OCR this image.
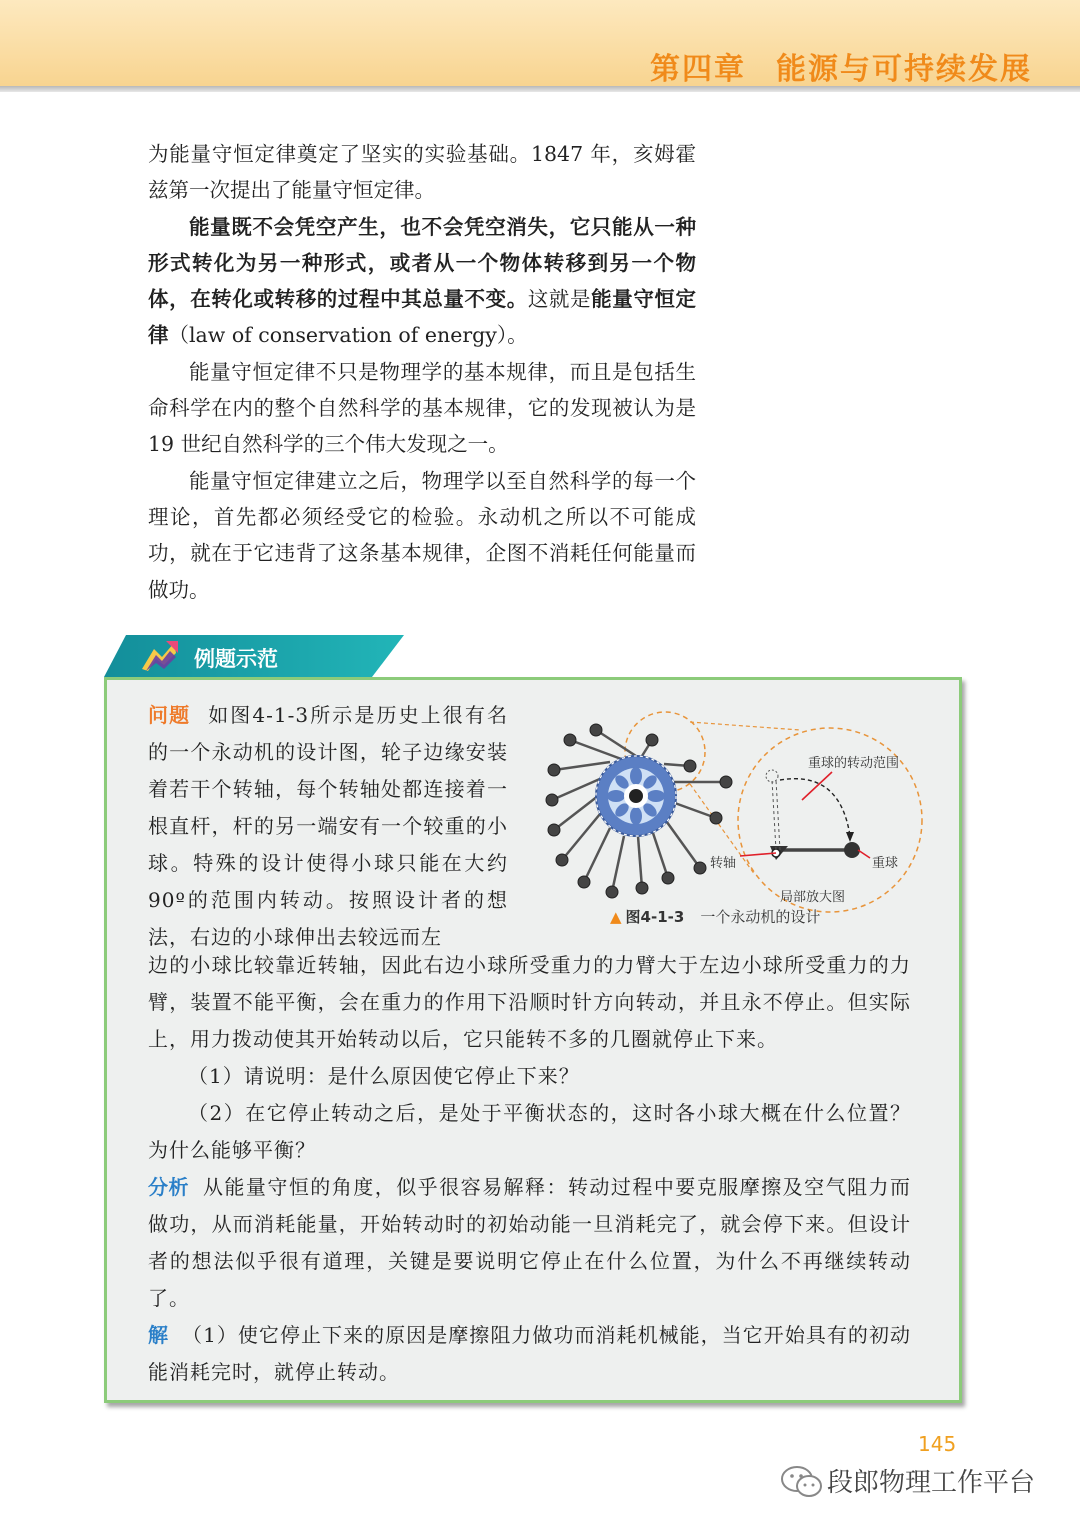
第四章 能源与可持续发展

为能量守恒定律奠定了坚实的实验基础。1847 年，亥姆霍兹第一次提出了能量守恒定律。

能量既不会凭空产生，也不会凭空消失，它只能从一种形式转化为另一种形式，或者从一个物体转移到另一个物体，在转化或转移的过程中其总量不变。这就是能量守恒定律（law of conservation of energy）。

能量守恒定律不只是物理学的基本规律，而且是包括生命科学在内的整个自然科学的基本规律，它的发现被认为是 19 世纪自然科学的三个伟大发现之一。

能量守恒定律建立之后，物理学以至自然科学的每一个理论，首先都必须经受它的检验。永动机之所以不可能成功，就在于它违背了这条基本规律，企图不消耗任何能量而做功。

例题示范

问题 如图4-1-3所示是历史上很有名的一个永动机的设计图，轮子边缘安装着若干个转轴，每个转轴处都连接着一根直杆，杆的另一端安有一个较重的小球。特殊的设计使得小球只能在大约90º的范围内转动。按照设计者的想法，右边的小球伸出去较远而左

重球的转动范围
转轴	重球
局部放大图
▲ 图4-1-3 一个永动机的设计

边的小球比较靠近转轴，因此右边小球所受重力的力臂大于左边小球所受重力的力臂，装置不能平衡，会在重力的作用下沿顺时针方向转动，并且永不停止。但实际上，用力拨动使其开始转动以后，它只能转不多的几圈就停止下来。

（1）请说明：是什么原因使它停止下来？

（2）在它停止转动之后，是处于平衡状态的，这时各小球大概在什么位置？为什么能够平衡？

分析 从能量守恒的角度，似乎很容易解释：转动过程中要克服摩擦及空气阻力而做功，从而消耗能量，开始转动时的初始动能一旦消耗完了，就会停下来。但设计者的想法似乎很有道理，关键是要说明它停止在什么位置，为什么不再继续转动了。

解 （1）使它停止下来的原因是摩擦阻力做功而消耗机械能，当它开始具有的初动能消耗完时，就停止转动。

145
段郎物理工作平台
